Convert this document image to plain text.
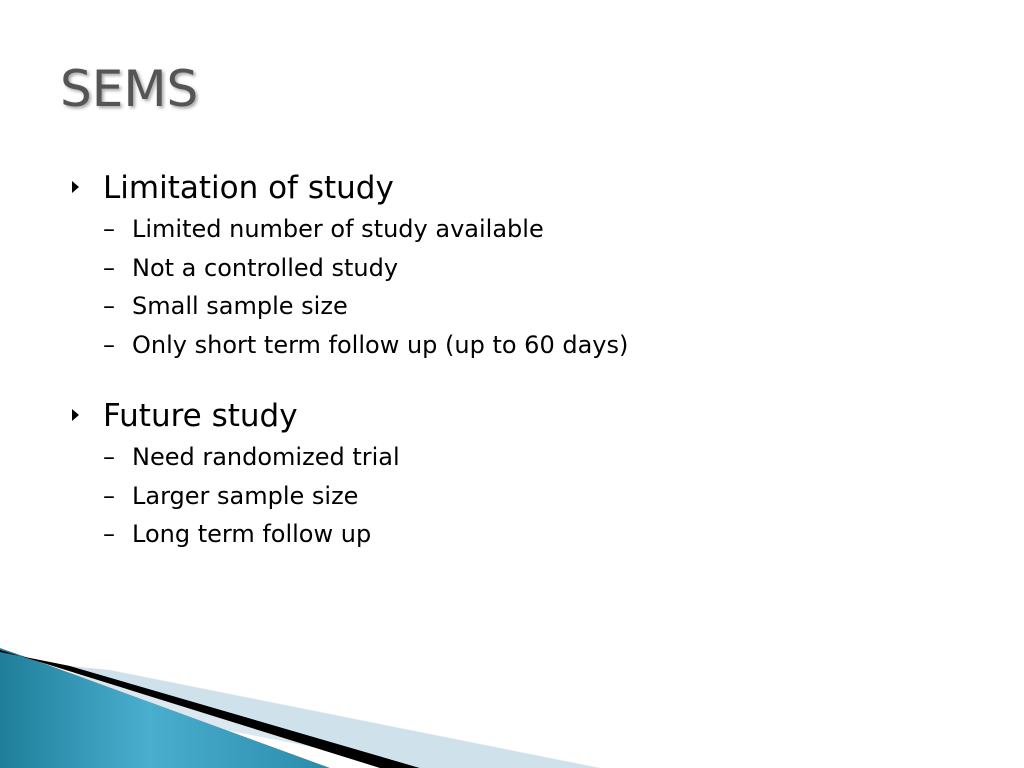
SEMS
Limitation of study
– Limited number of study available
– Not a controlled study
– Small sample size
– Only short term follow up (up to 60 days)
Future study
– Need randomized trial
– Larger sample size
– Long term follow up
